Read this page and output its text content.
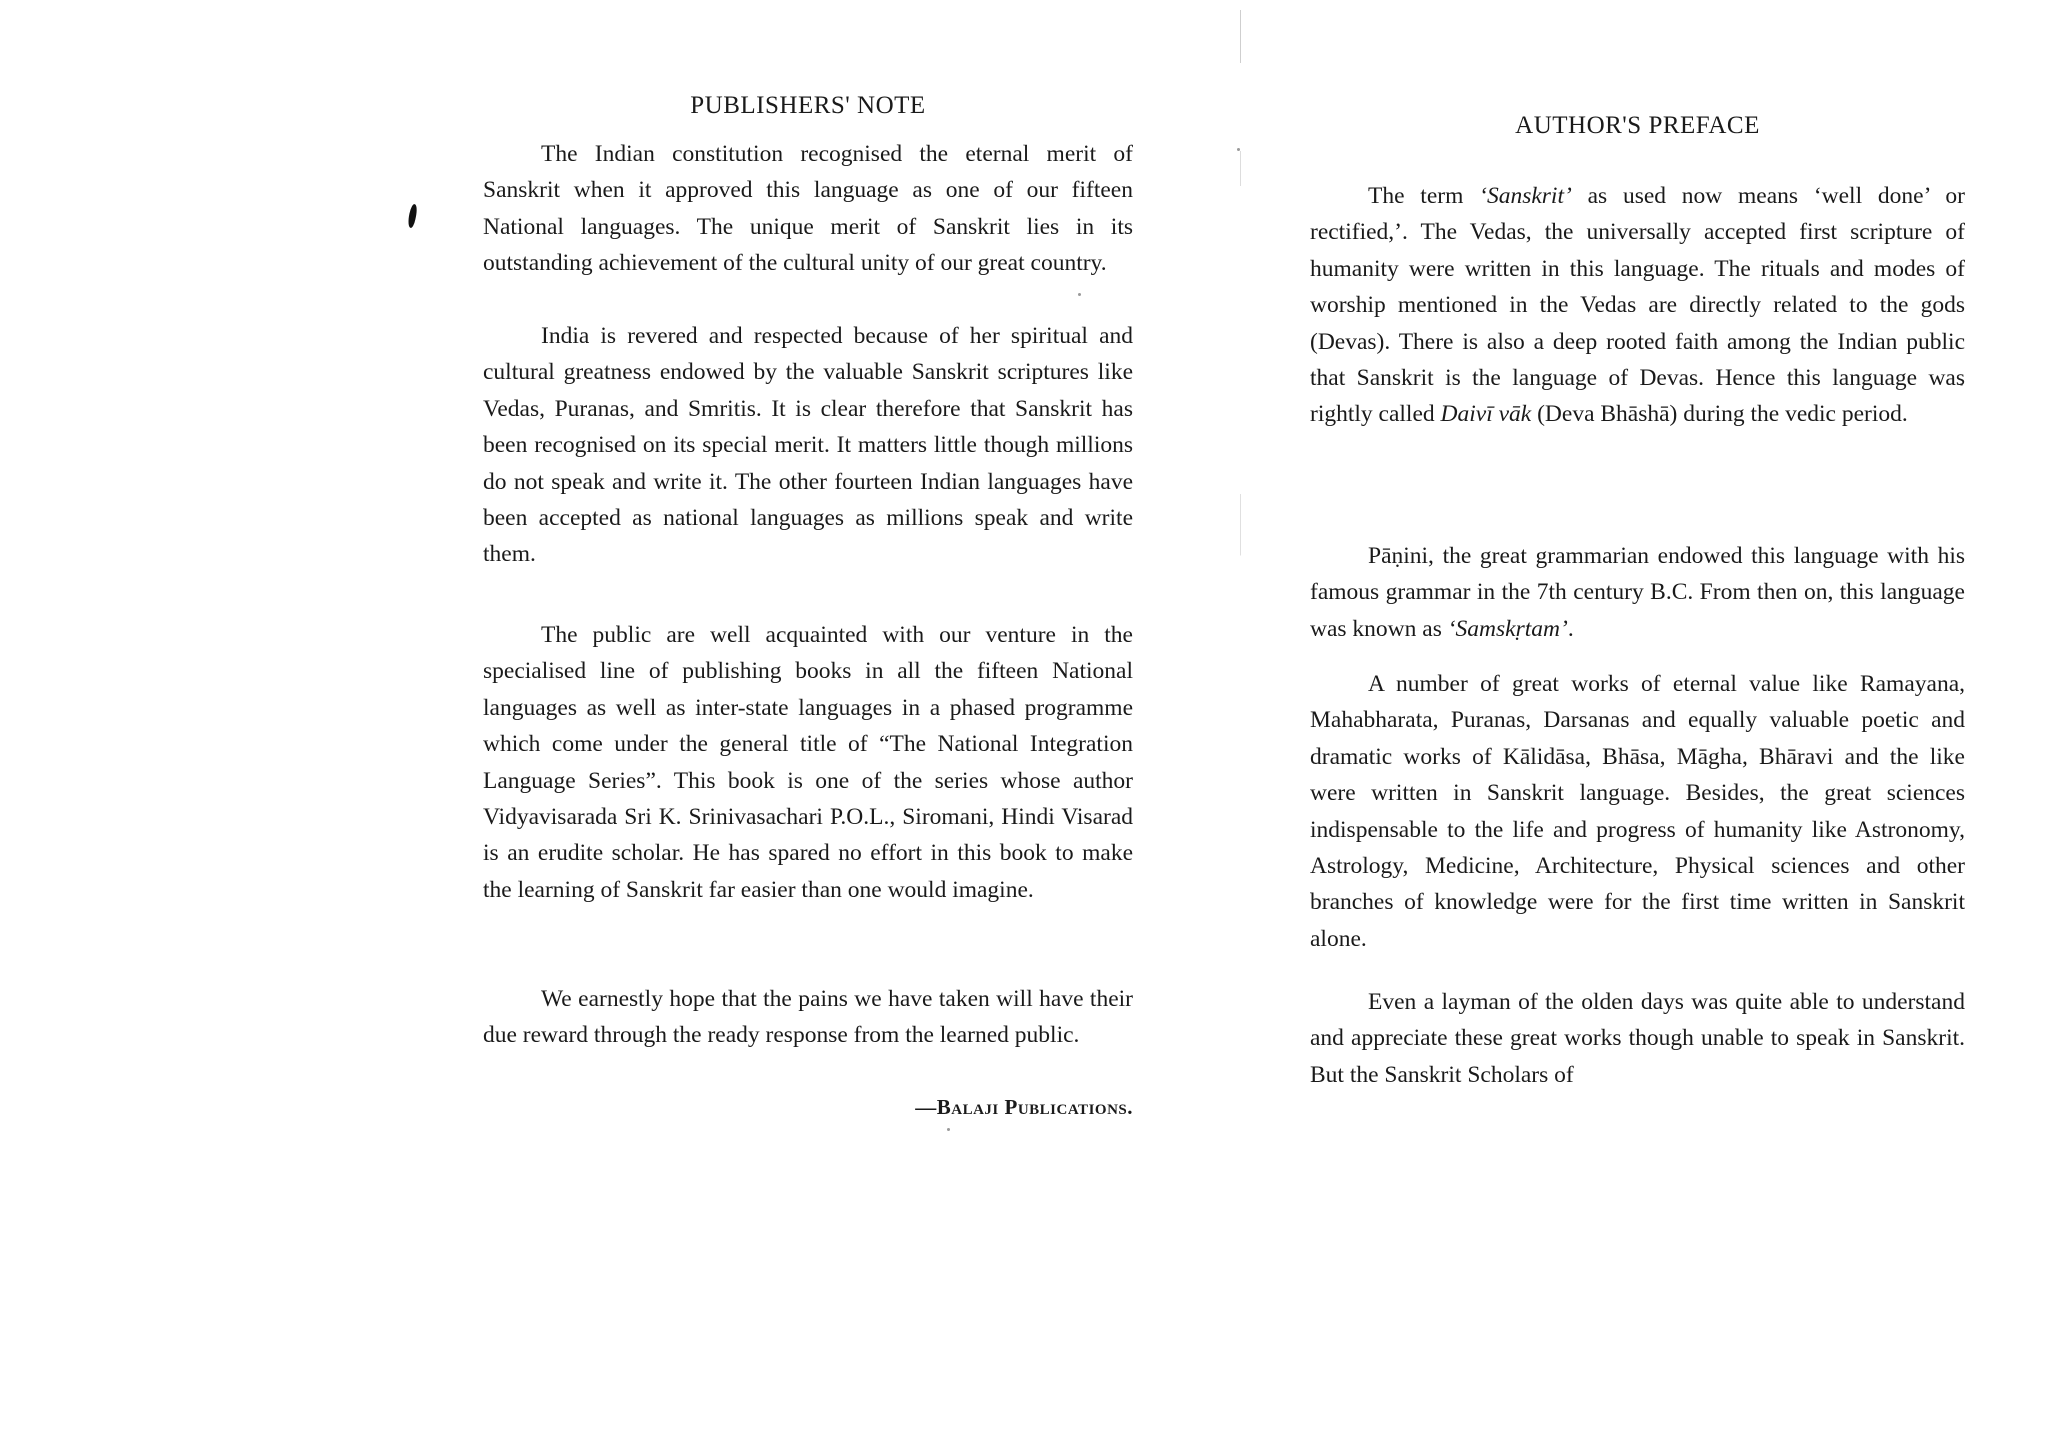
PUBLISHERS' NOTE

The Indian constitution recognised the eternal merit of Sanskrit when it approved this language as one of our fifteen National languages. The unique merit of Sanskrit lies in its outstanding achievement of the cultural unity of our great country.

India is revered and respected because of her spiritual and cultural greatness endowed by the valuable Sanskrit scriptures like Vedas, Puranas, and Smritis. It is clear therefore that Sanskrit has been recognised on its special merit. It matters little though millions do not speak and write it. The other fourteen Indian languages have been accepted as national languages as millions speak and write them.

The public are well acquainted with our venture in the specialised line of publishing books in all the fifteen National languages as well as inter-state languages in a phased programme which come under the general title of “The National Integration Language Series”. This book is one of the series whose author Vidyavisarada Sri K. Srinivasachari P.O.L., Siromani, Hindi Visarad is an erudite scholar. He has spared no effort in this book to make the learning of Sanskrit far easier than one would imagine.

We earnestly hope that the pains we have taken will have their due reward through the ready response from the learned public.

—Balaji Publications.
AUTHOR'S PREFACE

The term ‘Sanskrit’ as used now means ‘well done’ or rectified,’. The Vedas, the universally accepted first scripture of humanity were written in this language. The rituals and modes of worship mentioned in the Vedas are directly related to the gods (Devas). There is also a deep rooted faith among the Indian public that Sanskrit is the language of Devas. Hence this language was rightly called Daivī vāk (Deva Bhāshā) during the vedic period.

Pāṇini, the great grammarian endowed this language with his famous grammar in the 7th century B.C. From then on, this language was known as ‘Samskṛtam’.

A number of great works of eternal value like Ramayana, Mahabharata, Puranas, Darsanas and equally valuable poetic and dramatic works of Kālidāsa, Bhāsa, Māgha, Bhāravi and the like were written in Sanskrit language. Besides, the great sciences indispensable to the life and progress of humanity like Astronomy, Astrology, Medicine, Architecture, Physical sciences and other branches of knowledge were for the first time written in Sanskrit alone.

Even a layman of the olden days was quite able to understand and appreciate these great works though unable to speak in Sanskrit. But the Sanskrit Scholars of
